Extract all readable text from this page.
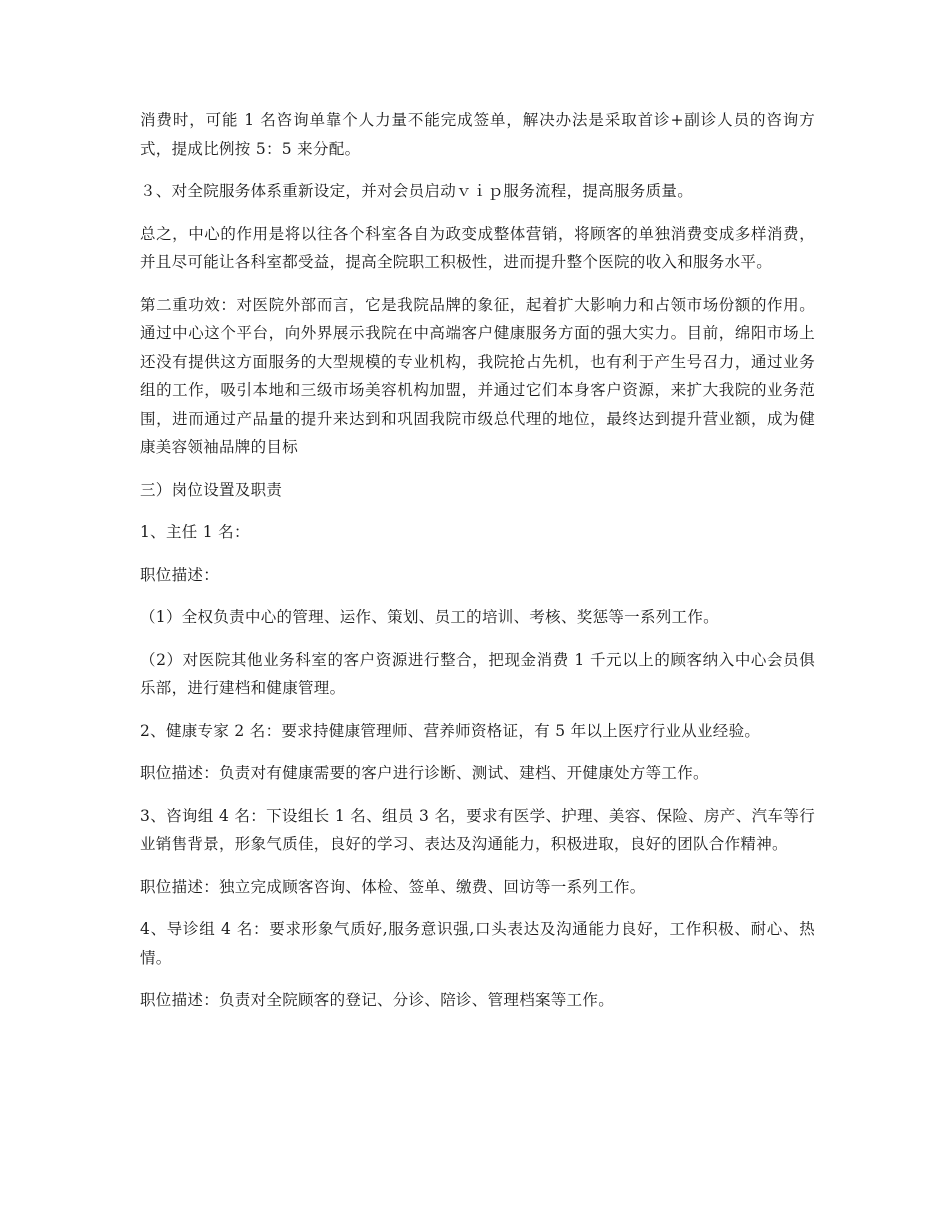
消费时，可能 1 名咨询单靠个人力量不能完成签单，解决办法是采取首诊+副诊人员的咨询方式，提成比例按 5：5 来分配。

３、对全院服务体系重新设定，并对会员启动ｖｉｐ服务流程，提高服务质量。

总之，中心的作用是将以往各个科室各自为政变成整体营销，将顾客的单独消费变成多样消费，并且尽可能让各科室都受益，提高全院职工积极性，进而提升整个医院的收入和服务水平。

第二重功效：对医院外部而言，它是我院品牌的象征，起着扩大影响力和占领市场份额的作用。通过中心这个平台，向外界展示我院在中高端客户健康服务方面的强大实力。目前，绵阳市场上还没有提供这方面服务的大型规模的专业机构，我院抢占先机，也有利于产生号召力，通过业务组的工作，吸引本地和三级市场美容机构加盟，并通过它们本身客户资源，来扩大我院的业务范围，进而通过产品量的提升来达到和巩固我院市级总代理的地位，最终达到提升营业额，成为健康美容领袖品牌的目标

三）岗位设置及职责

1、主任 1 名：

职位描述：

（1）全权负责中心的管理、运作、策划、员工的培训、考核、奖惩等一系列工作。

（2）对医院其他业务科室的客户资源进行整合，把现金消费 1 千元以上的顾客纳入中心会员俱乐部，进行建档和健康管理。

2、健康专家 2 名：要求持健康管理师、营养师资格证，有 5 年以上医疗行业从业经验。

职位描述：负责对有健康需要的客户进行诊断、测试、建档、开健康处方等工作。

3、咨询组 4 名：下设组长 1 名、组员 3 名，要求有医学、护理、美容、保险、房产、汽车等行业销售背景，形象气质佳，良好的学习、表达及沟通能力，积极进取，良好的团队合作精神。

职位描述：独立完成顾客咨询、体检、签单、缴费、回访等一系列工作。

4、导诊组 4 名：要求形象气质好,服务意识强,口头表达及沟通能力良好，工作积极、耐心、热情。

职位描述：负责对全院顾客的登记、分诊、陪诊、管理档案等工作。
